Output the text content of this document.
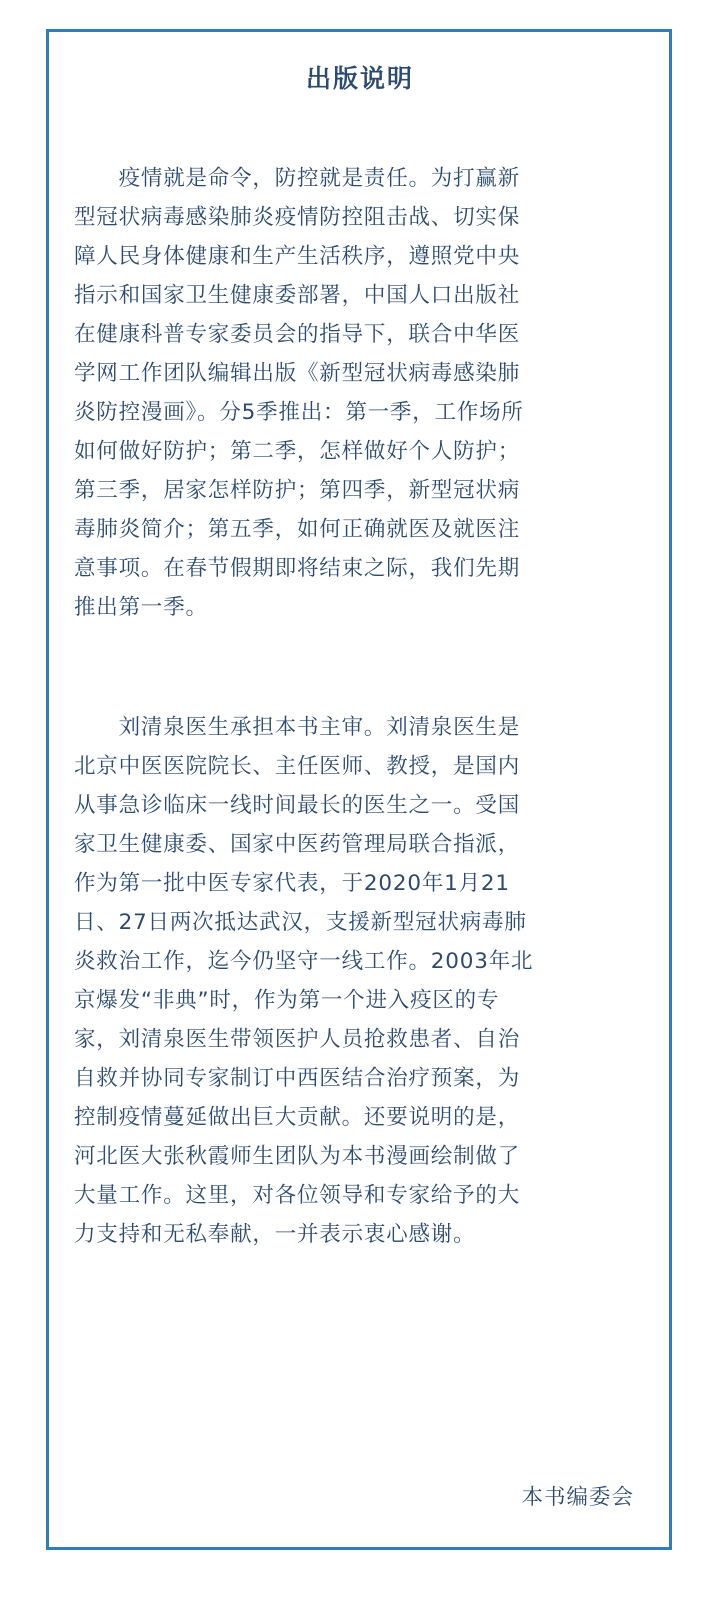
出版说明
　　疫情就是命令，防控就是责任。为打赢新
型冠状病毒感染肺炎疫情防控阻击战、切实保
障人民身体健康和生产生活秩序，遵照党中央
指示和国家卫生健康委部署，中国人口出版社
在健康科普专家委员会的指导下，联合中华医
学网工作团队编辑出版《新型冠状病毒感染肺
炎防控漫画》。分5季推出：第一季，工作场所
如何做好防护；第二季，怎样做好个人防护；
第三季，居家怎样防护；第四季，新型冠状病
毒肺炎简介；第五季，如何正确就医及就医注
意事项。在春节假期即将结束之际，我们先期
推出第一季。
　　刘清泉医生承担本书主审。刘清泉医生是
北京中医医院院长、主任医师、教授，是国内
从事急诊临床一线时间最长的医生之一。受国
家卫生健康委、国家中医药管理局联合指派，
作为第一批中医专家代表，于2020年1月21
日、27日两次抵达武汉，支援新型冠状病毒肺
炎救治工作，迄今仍坚守一线工作。2003年北
京爆发“非典”时，作为第一个进入疫区的专
家，刘清泉医生带领医护人员抢救患者、自治
自救并协同专家制订中西医结合治疗预案，为
控制疫情蔓延做出巨大贡献。还要说明的是，
河北医大张秋霞师生团队为本书漫画绘制做了
大量工作。这里，对各位领导和专家给予的大
力支持和无私奉献，一并表示衷心感谢。

本书编委会
